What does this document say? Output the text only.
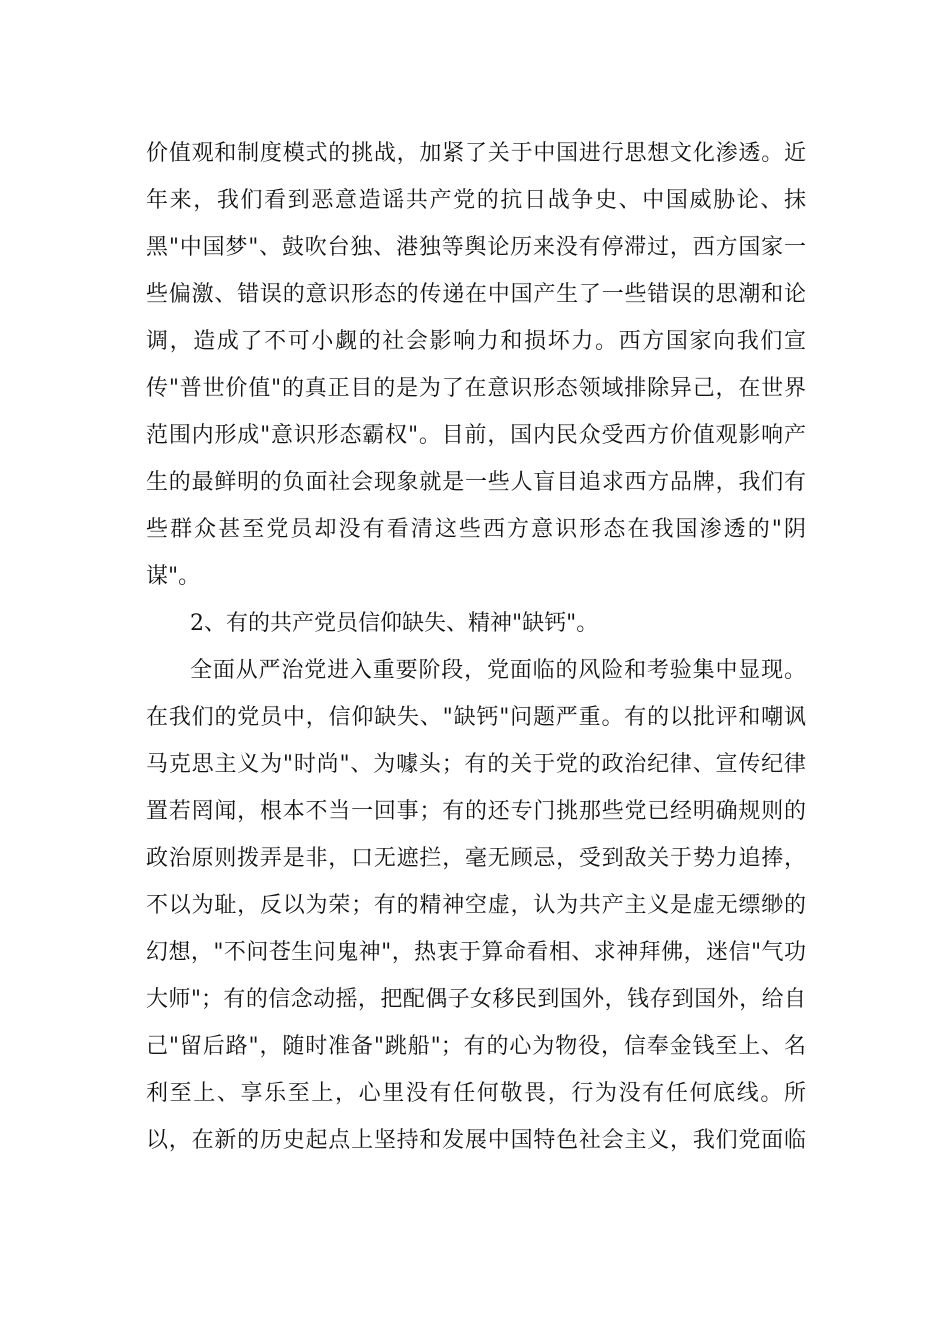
价值观和制度模式的挑战，加紧了关于中国进行思想文化渗透。近
年来，我们看到恶意造谣共产党的抗日战争史、中国威胁论、抹
黑"中国梦"、鼓吹台独、港独等舆论历来没有停滞过，西方国家一
些偏激、错误的意识形态的传递在中国产生了一些错误的思潮和论
调，造成了不可小觑的社会影响力和损坏力。西方国家向我们宣
传"普世价值"的真正目的是为了在意识形态领域排除异己，在世界
范围内形成"意识形态霸权"。目前，国内民众受西方价值观影响产
生的最鲜明的负面社会现象就是一些人盲目追求西方品牌，我们有
些群众甚至党员却没有看清这些西方意识形态在我国渗透的"阴
谋"。
2、有的共产党员信仰缺失、精神"缺钙"。
全面从严治党进入重要阶段，党面临的风险和考验集中显现。
在我们的党员中，信仰缺失、"缺钙"问题严重。有的以批评和嘲讽
马克思主义为"时尚"、为噱头；有的关于党的政治纪律、宣传纪律
置若罔闻，根本不当一回事；有的还专门挑那些党已经明确规则的
政治原则拨弄是非，口无遮拦，毫无顾忌，受到敌关于势力追捧，
不以为耻，反以为荣；有的精神空虚，认为共产主义是虚无缥缈的
幻想，"不问苍生问鬼神"，热衷于算命看相、求神拜佛，迷信"气功
大师"；有的信念动摇，把配偶子女移民到国外，钱存到国外，给自
己"留后路"，随时准备"跳船"；有的心为物役，信奉金钱至上、名
利至上、享乐至上，心里没有任何敬畏，行为没有任何底线。所
以，在新的历史起点上坚持和发展中国特色社会主义，我们党面临
